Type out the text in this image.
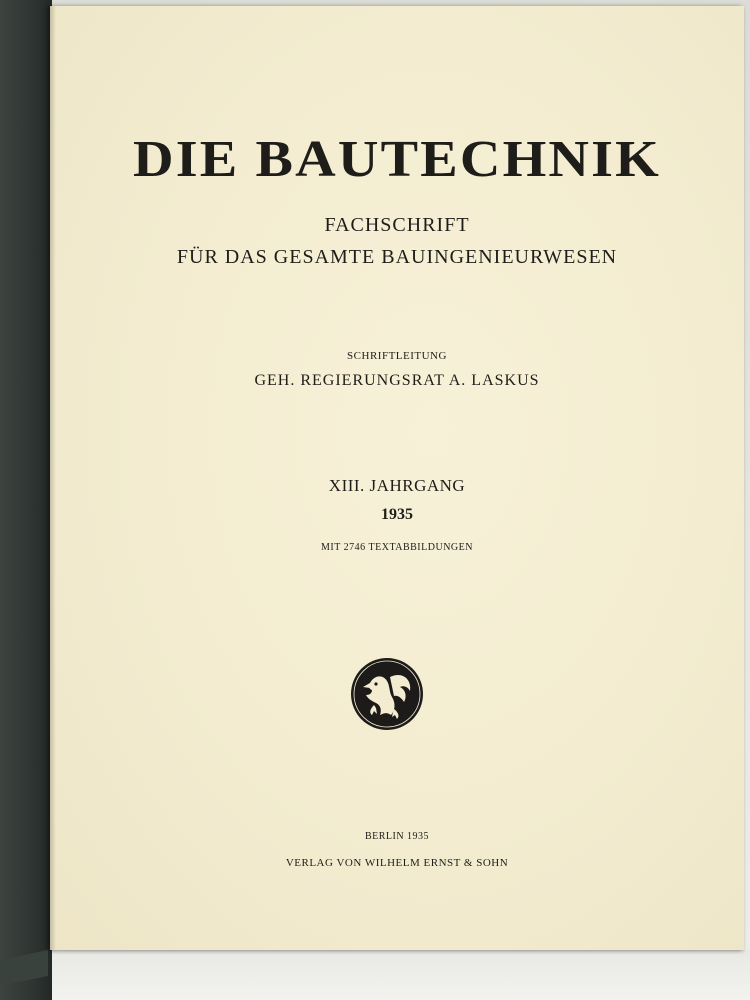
DIE BAUTECHNIK

FACHSCHRIFT

FÜR DAS GESAMTE BAUINGENIEURWESEN

SCHRIFTLEITUNG

GEH. REGIERUNGSRAT A. LASKUS

XIII. JAHRGANG

1935

MIT 2746 TEXTABBILDUNGEN

BERLIN 1935

VERLAG VON WILHELM ERNST & SOHN
